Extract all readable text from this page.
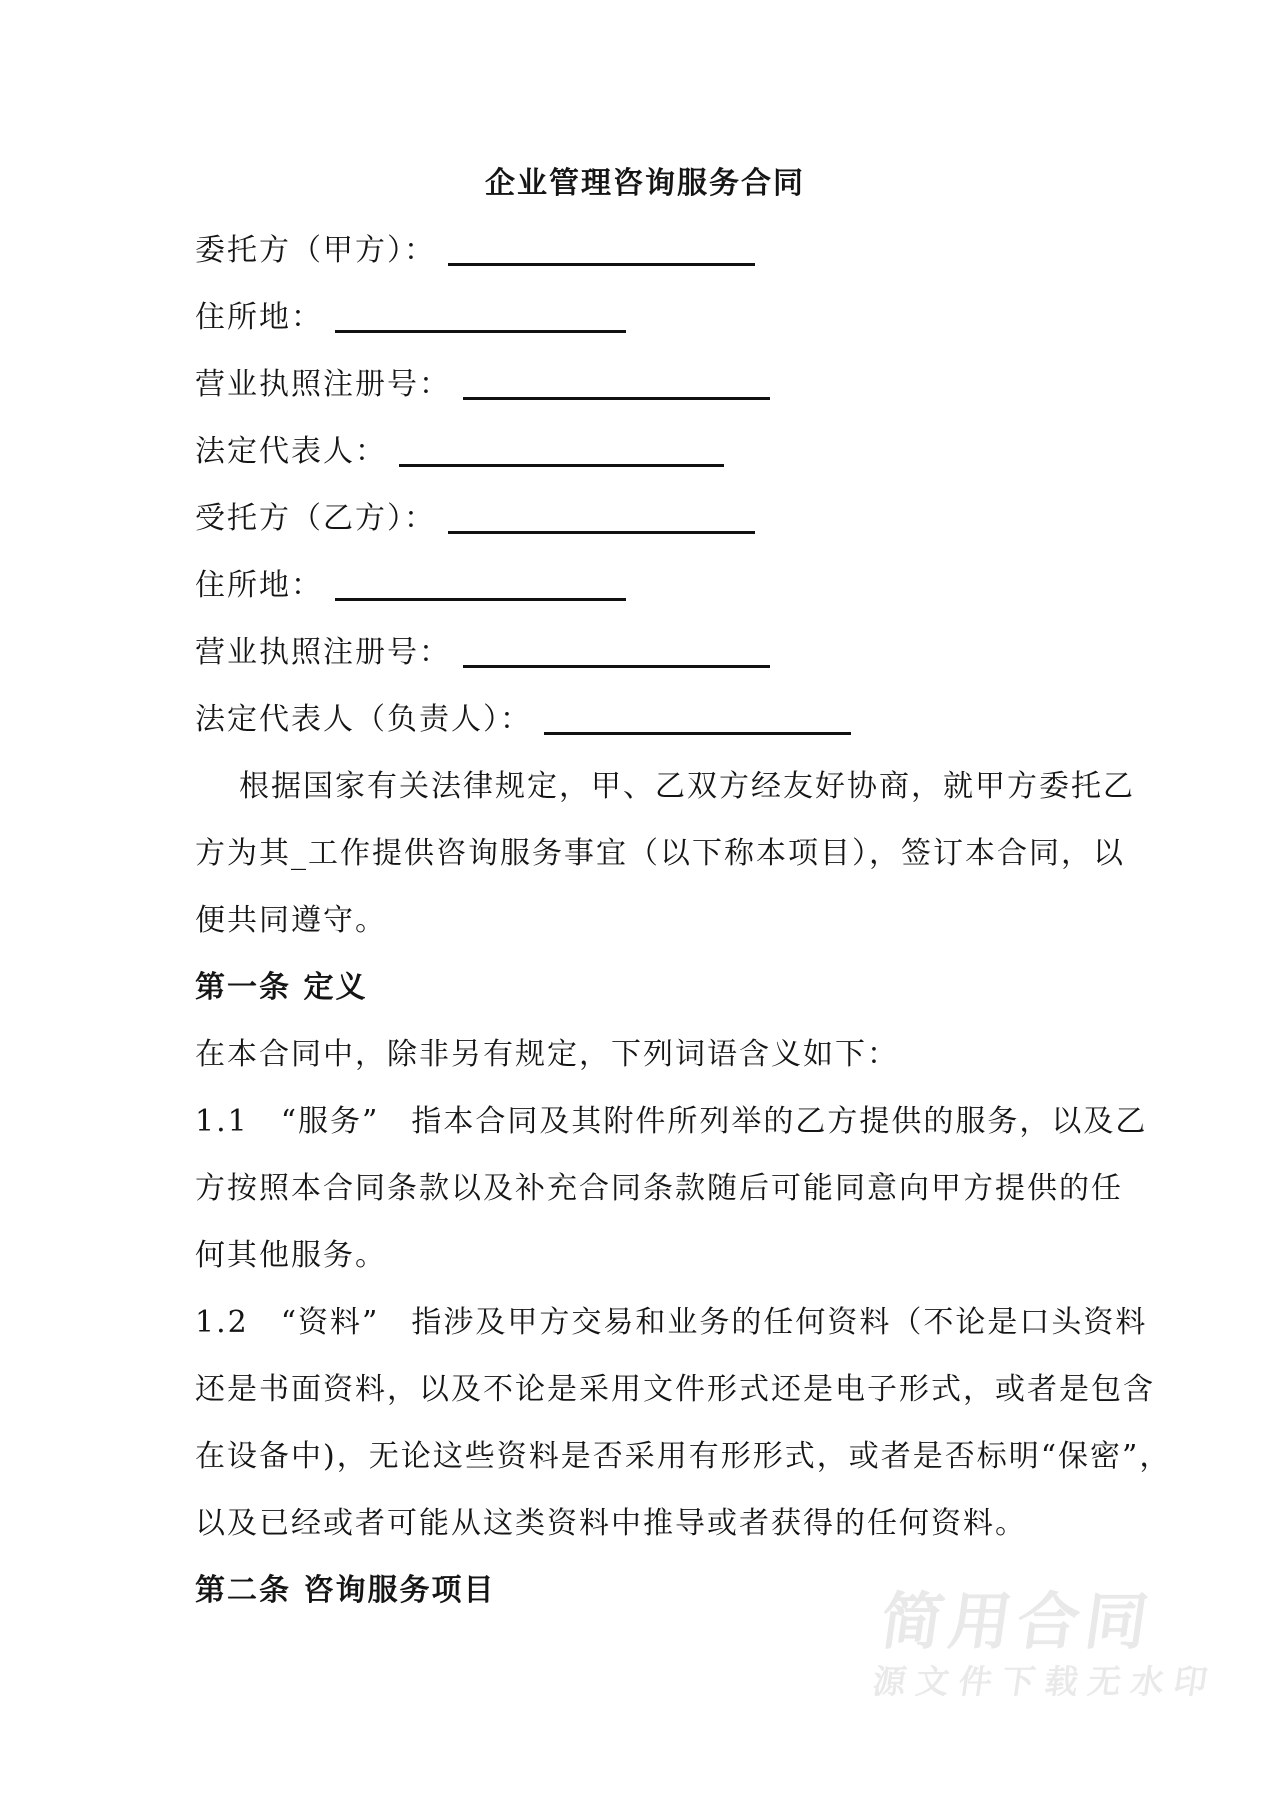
企业管理咨询服务合同
委托方（甲方）：
住所地：
营业执照注册号：
法定代表人：
受托方（乙方）：
住所地：
营业执照注册号：
法定代表人（负责人）：
根据国家有关法律规定，甲、乙双方经友好协商，就甲方委托乙
方为其_工作提供咨询服务事宜（以下称本项目），签订本合同，以
便共同遵守。
第一条 定义
在本合同中，除非另有规定，下列词语含义如下：
1.1　“服务”　指本合同及其附件所列举的乙方提供的服务，以及乙
方按照本合同条款以及补充合同条款随后可能同意向甲方提供的任
何其他服务。
1.2　“资料”　指涉及甲方交易和业务的任何资料（不论是口头资料
还是书面资料，以及不论是采用文件形式还是电子形式，或者是包含
在设备中)，无论这些资料是否采用有形形式，或者是否标明“保密”，
以及已经或者可能从这类资料中推导或者获得的任何资料。
第二条 咨询服务项目	简用合同
源文件下载无水印
